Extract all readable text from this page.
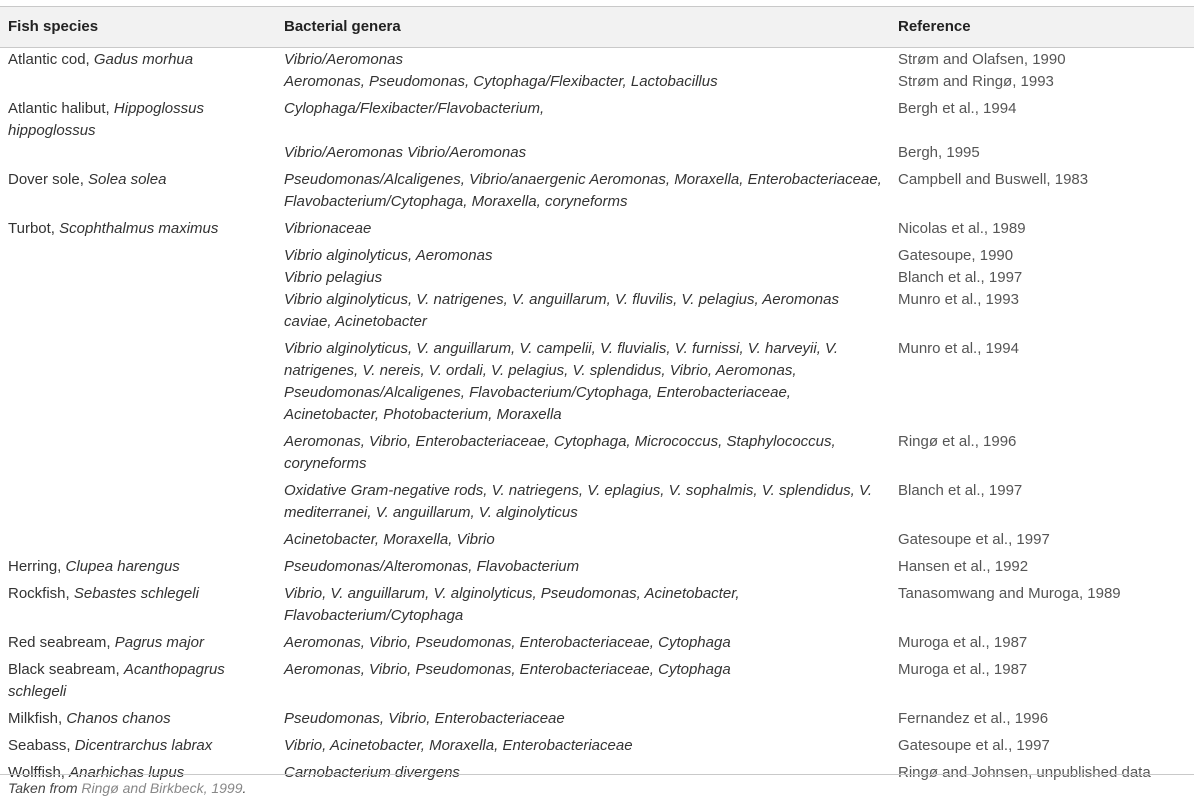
Fish species	Bacterial genera	Reference
Atlantic cod, Gadus morhua	Vibrio/Aeromonas	Strøm and Olafsen, 1990
	Aeromonas, Pseudomonas, Cytophaga/Flexibacter, Lactobacillus	Strøm and Ringø, 1993
Atlantic halibut, Hippoglossus hippoglossus	Cylophaga/Flexibacter/Flavobacterium,	Bergh et al., 1994
	Vibrio/Aeromonas Vibrio/Aeromonas	Bergh, 1995
Dover sole, Solea solea	Pseudomonas/Alcaligenes, Vibrio/anaergenic Aeromonas, Moraxella, Enterobacteriaceae, Flavobacterium/Cytophaga, Moraxella, coryneforms	Campbell and Buswell, 1983
Turbot, Scophthalmus maximus	Vibrionaceae	Nicolas et al., 1989
	Vibrio alginolyticus, Aeromonas	Gatesoupe, 1990
	Vibrio pelagius	Blanch et al., 1997
	Vibrio alginolyticus, V. natrigenes, V. anguillarum, V. fluvilis, V. pelagius, Aeromonas caviae, Acinetobacter	Munro et al., 1993
	Vibrio alginolyticus, V. anguillarum, V. campelii, V. fluvialis, V. furnissi, V. harveyii, V. natrigenes, V. nereis, V. ordali, V. pelagius, V. splendidus, Vibrio, Aeromonas, Pseudomonas/Alcaligenes, Flavobacterium/Cytophaga, Enterobacteriaceae, Acinetobacter, Photobacterium, Moraxella	Munro et al., 1994
	Aeromonas, Vibrio, Enterobacteriaceae, Cytophaga, Micrococcus, Staphylococcus, coryneforms	Ringø et al., 1996
	Oxidative Gram-negative rods, V. natriegens, V. eplagius, V. sophalmis, V. splendidus, V. mediterranei, V. anguillarum, V. alginolyticus	Blanch et al., 1997
	Acinetobacter, Moraxella, Vibrio	Gatesoupe et al., 1997
Herring, Clupea harengus	Pseudomonas/Alteromonas, Flavobacterium	Hansen et al., 1992
Rockfish, Sebastes schlegeli	Vibrio, V. anguillarum, V. alginolyticus, Pseudomonas, Acinetobacter, Flavobacterium/Cytophaga	Tanasomwang and Muroga, 1989
Red seabream, Pagrus major	Aeromonas, Vibrio, Pseudomonas, Enterobacteriaceae, Cytophaga	Muroga et al., 1987
Black seabream, Acanthopagrus schlegeli	Aeromonas, Vibrio, Pseudomonas, Enterobacteriaceae, Cytophaga	Muroga et al., 1987
Milkfish, Chanos chanos	Pseudomonas, Vibrio, Enterobacteriaceae	Fernandez et al., 1996
Seabass, Dicentrarchus labrax	Vibrio, Acinetobacter, Moraxella, Enterobacteriaceae	Gatesoupe et al., 1997
Wolffish, Anarhichas lupus	Carnobacterium divergens	Ringø and Johnsen, unpublished data
Taken from Ringø and Birkbeck, 1999.
